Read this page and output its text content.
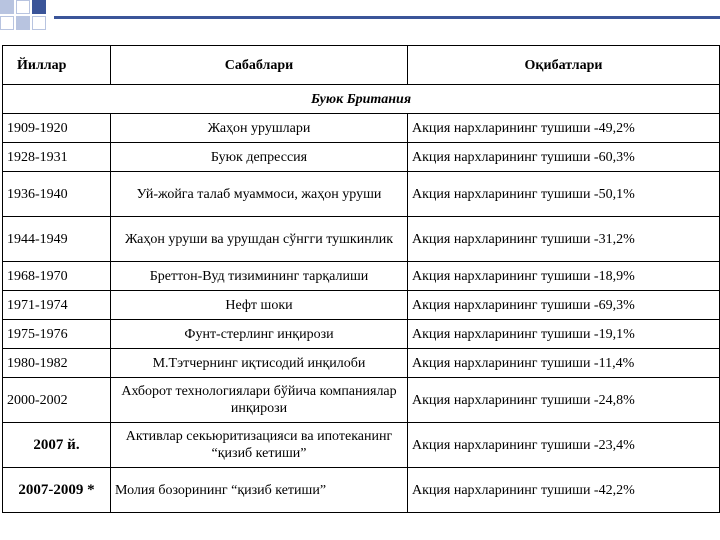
Йиллар	Сабаблари	Оқибатлари
Буюк Британия		
1909-1920	Жаҳон урушлари	Акция нархларининг тушиши -49,2%
1928-1931	Буюк депрессия	Акция нархларининг тушиши -60,3%
1936-1940	Уй-жойга талаб муаммоси, жаҳон уруши	Акция нархларининг тушиши -50,1%
1944-1949	Жаҳон уруши ва урушдан сўнгги тушкинлик	Акция нархларининг тушиши -31,2%
1968-1970	Бреттон-Вуд тизимининг тарқалиши	Акция нархларининг тушиши -18,9%
1971-1974	Нефт шоки	Акция нархларининг тушиши -69,3%
1975-1976	Фунт-стерлинг инқирози	Акция нархларининг тушиши -19,1%
1980-1982	М.Тэтчернинг иқтисодий инқилоби	Акция нархларининг тушиши -11,4%
2000-2002	Ахборот технологиялари бўйича компаниялар инқирози	Акция нархларининг тушиши -24,8%
2007 й.	Активлар секьюритизацияси ва ипотеканинг “қизиб кетиши”	Акция нархларининг тушиши -23,4%
2007-2009 *	Молия бозорининг “қизиб кетиши”	Акция нархларининг тушиши -42,2%
